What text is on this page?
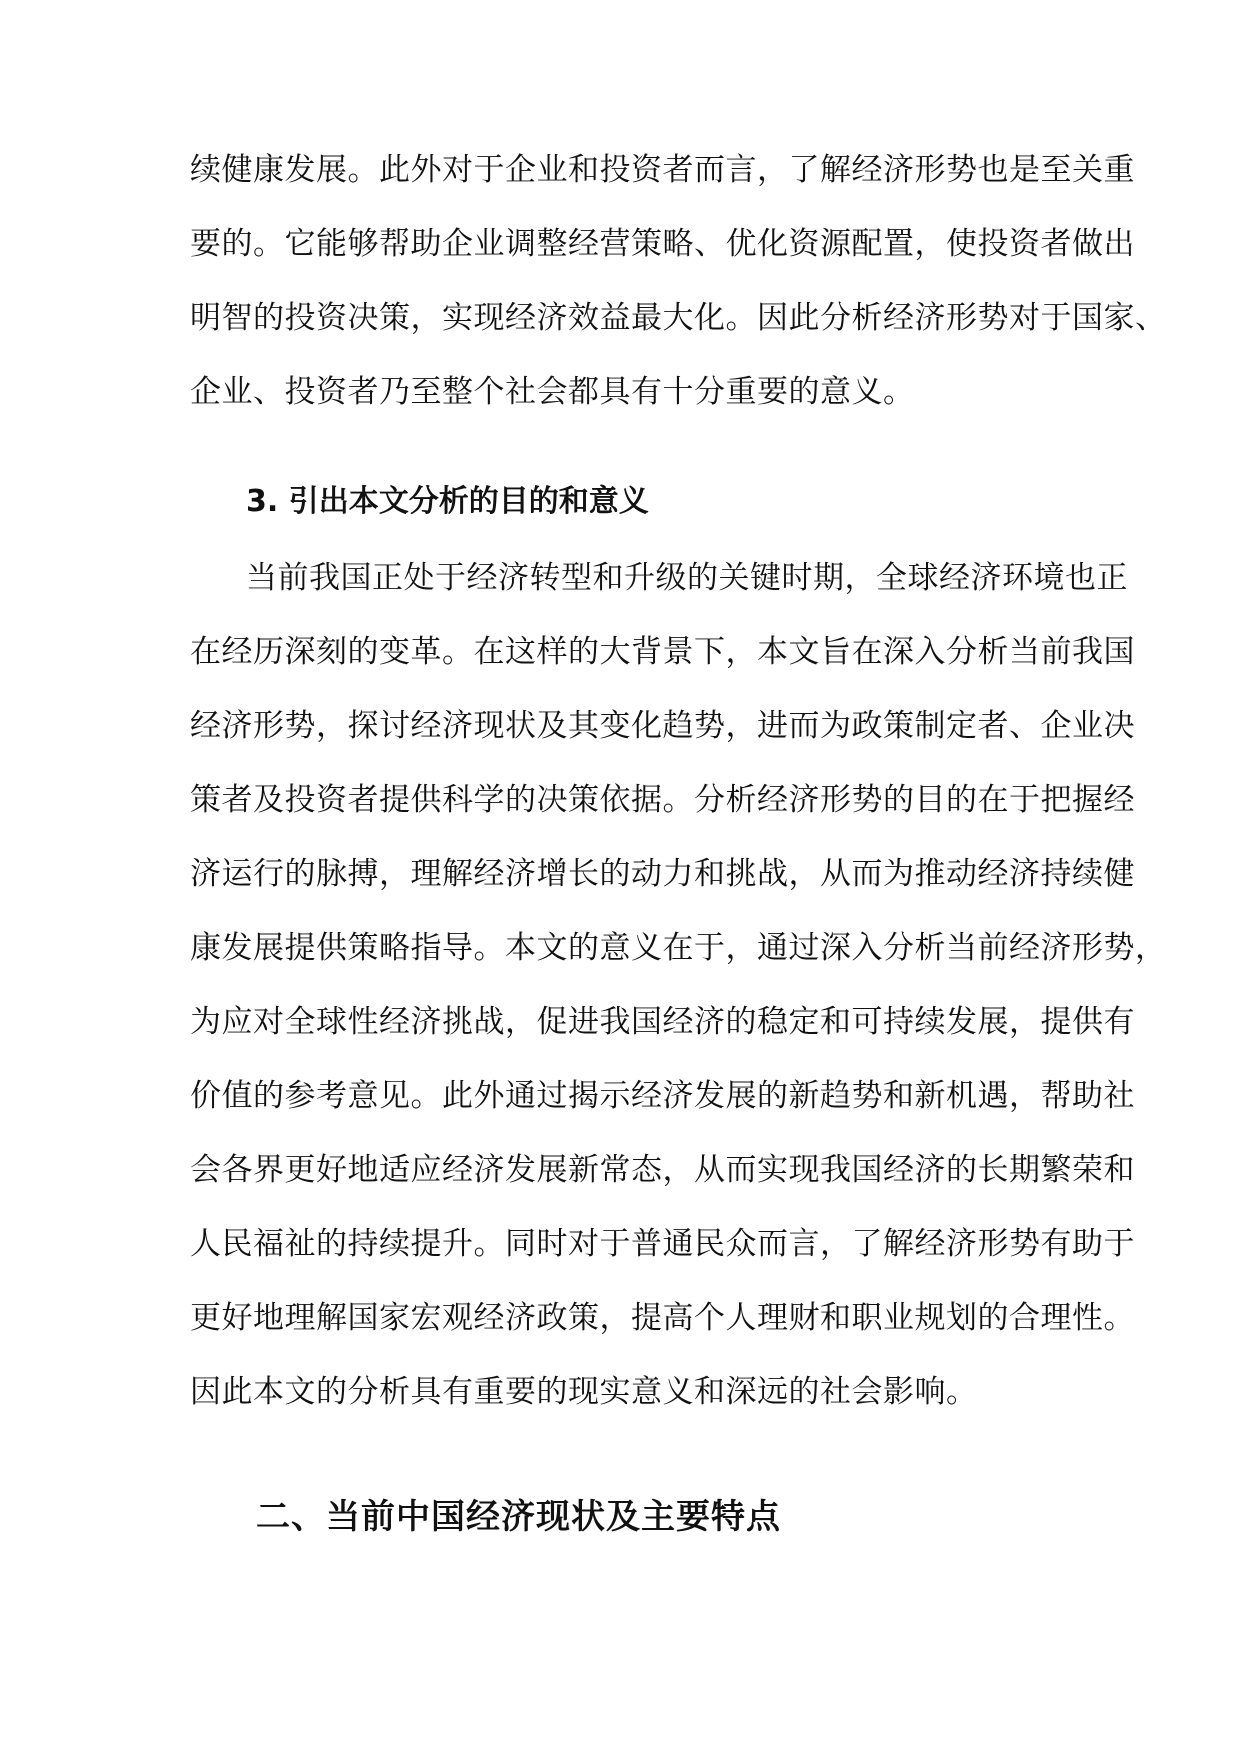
续健康发展。此外对于企业和投资者而言，了解经济形势也是至关重
要的。它能够帮助企业调整经营策略、优化资源配置，使投资者做出
明智的投资决策，实现经济效益最大化。因此分析经济形势对于国家、
企业、投资者乃至整个社会都具有十分重要的意义。
3. 引出本文分析的目的和意义
当前我国正处于经济转型和升级的关键时期，全球经济环境也正
在经历深刻的变革。在这样的大背景下，本文旨在深入分析当前我国
经济形势，探讨经济现状及其变化趋势，进而为政策制定者、企业决
策者及投资者提供科学的决策依据。分析经济形势的目的在于把握经
济运行的脉搏，理解经济增长的动力和挑战，从而为推动经济持续健
康发展提供策略指导。本文的意义在于，通过深入分析当前经济形势，
为应对全球性经济挑战，促进我国经济的稳定和可持续发展，提供有
价值的参考意见。此外通过揭示经济发展的新趋势和新机遇，帮助社
会各界更好地适应经济发展新常态，从而实现我国经济的长期繁荣和
人民福祉的持续提升。同时对于普通民众而言，了解经济形势有助于
更好地理解国家宏观经济政策，提高个人理财和职业规划的合理性。
因此本文的分析具有重要的现实意义和深远的社会影响。
二、当前中国经济现状及主要特点
